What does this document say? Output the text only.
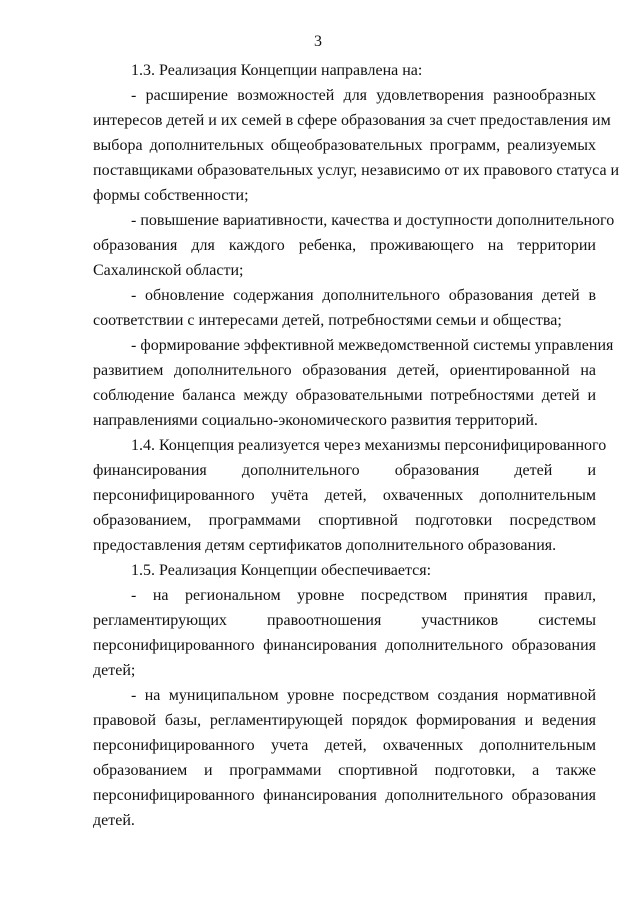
3
1.3. Реализация Концепции направлена на:
- расширение возможностей для удовлетворения разнообразных
интересов детей и их семей в сфере образования за счет предоставления им
выбора дополнительных общеобразовательных программ, реализуемых
поставщиками образовательных услуг, независимо от их правового статуса и
формы собственности;
- повышение вариативности, качества и доступности дополнительного
образования для каждого ребенка, проживающего на территории
Сахалинской области;
- обновление содержания дополнительного образования детей в
соответствии с интересами детей, потребностями семьи и общества;
- формирование эффективной межведомственной системы управления
развитием дополнительного образования детей, ориентированной на
соблюдение баланса между образовательными потребностями детей и
направлениями социально-экономического развития территорий.
1.4. Концепция реализуется через механизмы персонифицированного
финансирования дополнительного образования детей и
персонифицированного учёта детей, охваченных дополнительным
образованием, программами спортивной подготовки посредством
предоставления детям сертификатов дополнительного образования.
1.5. Реализация Концепции обеспечивается:
- на региональном уровне посредством принятия правил,
регламентирующих правоотношения участников системы
персонифицированного финансирования дополнительного образования
детей;
- на муниципальном уровне посредством создания нормативной
правовой базы, регламентирующей порядок формирования и ведения
персонифицированного учета детей, охваченных дополнительным
образованием и программами спортивной подготовки, а также
персонифицированного финансирования дополнительного образования
детей.
